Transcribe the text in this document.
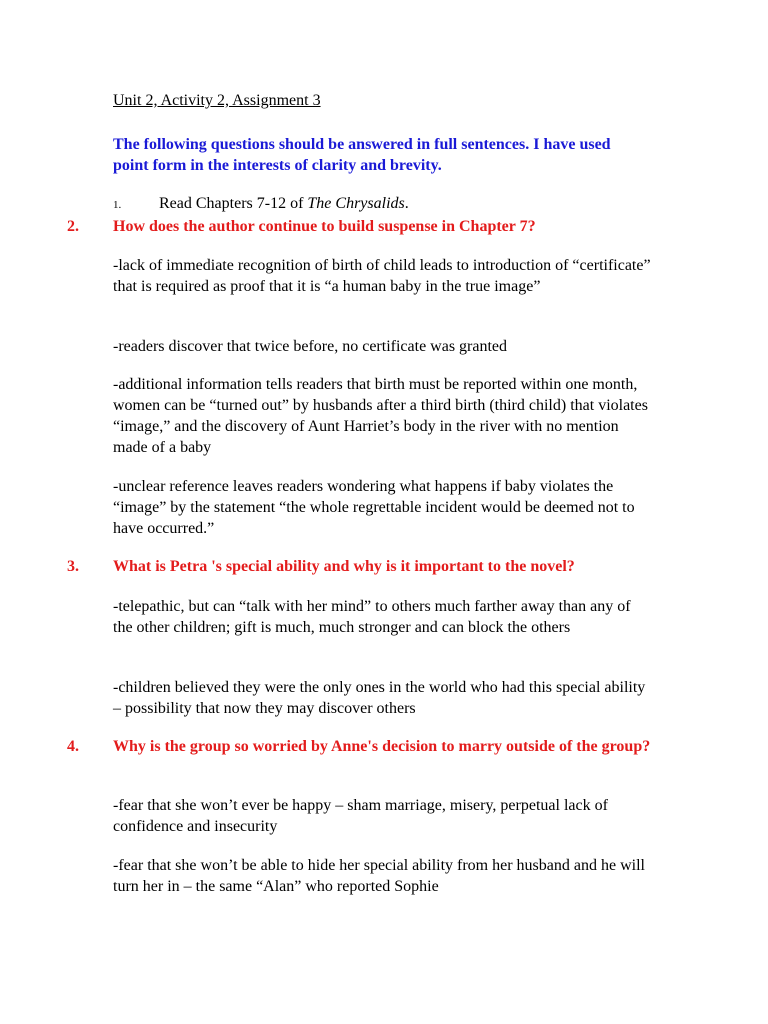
Unit 2, Activity 2, Assignment 3

The following questions should be answered in full sentences. I have used point form in the interests of clarity and brevity.

1. Read Chapters 7-12 of The Chrysalids.
2. How does the author continue to build suspense in Chapter 7?

-lack of immediate recognition of birth of child leads to introduction of “certificate” that is required as proof that it is “a human baby in the true image”

-readers discover that twice before, no certificate was granted

-additional information tells readers that birth must be reported within one month, women can be “turned out” by husbands after a third birth (third child) that violates “image,” and the discovery of Aunt Harriet’s body in the river with no mention made of a baby

-unclear reference leaves readers wondering what happens if baby violates the “image” by the statement “the whole regrettable incident would be deemed not to have occurred.”

3. What is Petra 's special ability and why is it important to the novel?

-telepathic, but can “talk with her mind” to others much farther away than any of the other children; gift is much, much stronger and can block the others

-children believed they were the only ones in the world who had this special ability – possibility that now they may discover others

4. Why is the group so worried by Anne's decision to marry outside of the group?

-fear that she won’t ever be happy – sham marriage, misery, perpetual lack of confidence and insecurity

-fear that she won’t be able to hide her special ability from her husband and he will turn her in – the same “Alan” who reported Sophie
